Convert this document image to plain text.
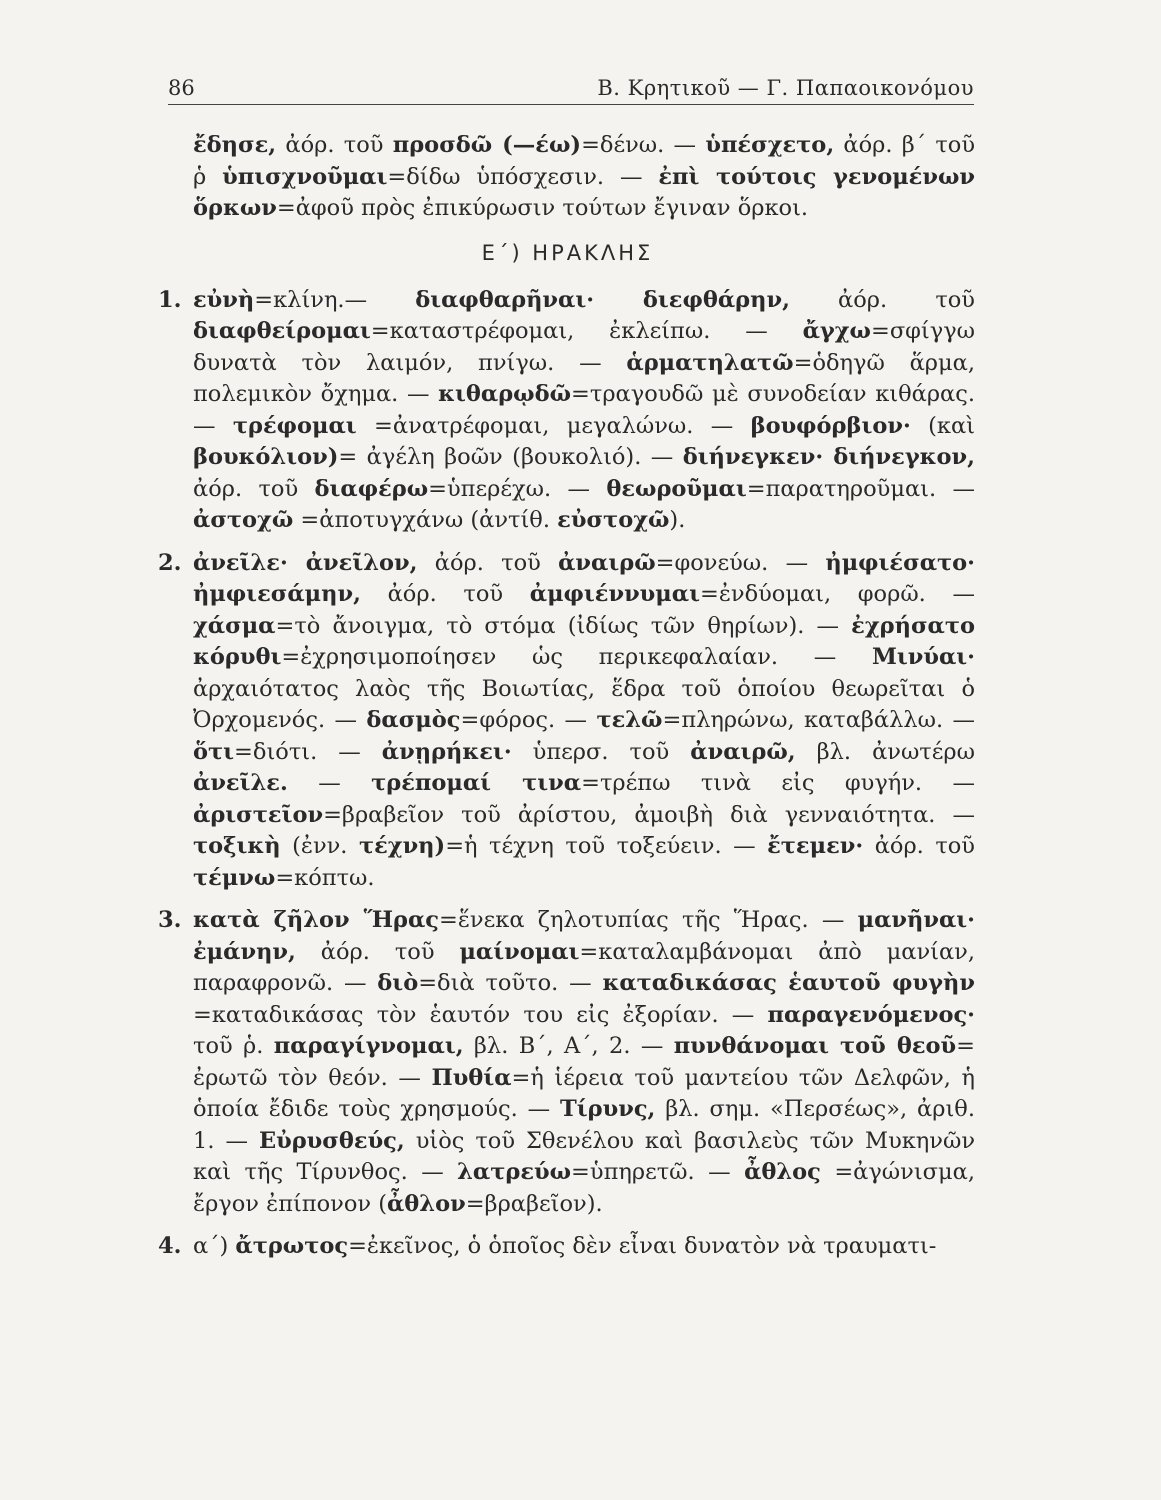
86	Β. Κρητικοῦ — Γ. Παπαοικονόμου

ἔδησε, ἀόρ. τοῦ προσδῶ (—έω)=δένω. — ὑπέσχετο, ἀόρ. β΄ τοῦ ῥ ὑπισχνοῦμαι=δίδω ὑπόσχεσιν. — ἐπὶ τούτοις γενομένων ὅρκων=ἀφοῦ πρὸς ἐπικύρωσιν τούτων ἔγιναν ὅρκοι.

Ε΄) ΗΡΑΚΛΗΣ

1. εὐνὴ=κλίνη.— διαφθαρῆναι· διεφθάρην, ἀόρ. τοῦ διαφθείρομαι=καταστρέφομαι, ἐκλείπω. — ἄγχω=σφίγγω δυνατὰ τὸν λαιμόν, πνίγω. — ἁρματηλατῶ=ὁδηγῶ ἅρμα, πολεμικὸν ὄχημα. — κιθαρῳδῶ=τραγουδῶ μὲ συνοδείαν κιθάρας. — τρέφομαι =ἀνατρέφομαι, μεγαλώνω. — βουφόρβιον· (καὶ βουκόλιον)= ἀγέλη βοῶν (βουκολιό). — διήνεγκεν· διήνεγκον, ἀόρ. τοῦ διαφέρω=ὑπερέχω. — θεωροῦμαι=παρατηροῦμαι. — ἀστοχῶ =ἀποτυγχάνω (ἀντίθ. εὐστοχῶ).

2. ἀνεῖλε· ἀνεῖλον, ἀόρ. τοῦ ἀναιρῶ=φονεύω. — ἠμφιέσατο· ἠμφιεσάμην, ἀόρ. τοῦ ἀμφιέννυμαι=ἐνδύομαι, φορῶ. — χάσμα=τὸ ἄνοιγμα, τὸ στόμα (ἰδίως τῶν θηρίων). — ἐχρήσατο κόρυθι=ἐχρησιμοποίησεν ὡς περικεφαλαίαν. — Μινύαι· ἀρχαιότατος λαὸς τῆς Βοιωτίας, ἕδρα τοῦ ὁποίου θεωρεῖται ὁ Ὀρχομενός. — δασμὸς=φόρος. — τελῶ=πληρώνω, καταβάλλω. — ὅτι=διότι. — ἀνῃρήκει· ὑπερσ. τοῦ ἀναιρῶ, βλ. ἀνωτέρω ἀνεῖλε. — τρέπομαί τινα=τρέπω τινὰ εἰς φυγήν. — ἀριστεῖον=βραβεῖον τοῦ ἀρίστου, ἀμοιβὴ διὰ γενναιότητα. — τοξικὴ (ἐνν. τέχνη)=ἡ τέχνη τοῦ τοξεύειν. — ἔτεμεν· ἀόρ. τοῦ τέμνω=κόπτω.

3. κατὰ ζῆλον Ἥρας=ἕνεκα ζηλοτυπίας τῆς Ἥρας. — μανῆναι· ἐμάνην, ἀόρ. τοῦ μαίνομαι=καταλαμβάνομαι ἀπὸ μανίαν, παραφρονῶ. — διὸ=διὰ τοῦτο. — καταδικάσας ἑαυτοῦ φυγὴν =καταδικάσας τὸν ἑαυτόν του εἰς ἐξορίαν. — παραγενόμενος· τοῦ ῥ. παραγίγνομαι, βλ. Β΄, Α΄, 2. — πυνθάνομαι τοῦ θεοῦ= ἐρωτῶ τὸν θεόν. — Πυθία=ἡ ἱέρεια τοῦ μαντείου τῶν Δελφῶν, ἡ ὁποία ἔδιδε τοὺς χρησμούς. — Τίρυνς, βλ. σημ. «Περσέως», ἀριθ. 1. — Εὐρυσθεύς, υἱὸς τοῦ Σθενέλου καὶ βασιλεὺς τῶν Μυκηνῶν καὶ τῆς Τίρυνθος. — λατρεύω=ὑπηρετῶ. — ἆθλος =ἀγώνισμα, ἔργον ἐπίπονον (ἆθλον=βραβεῖον).

4. α΄) ἄτρωτος=ἐκεῖνος, ὁ ὁποῖος δὲν εἶναι δυνατὸν νὰ τραυματι-
